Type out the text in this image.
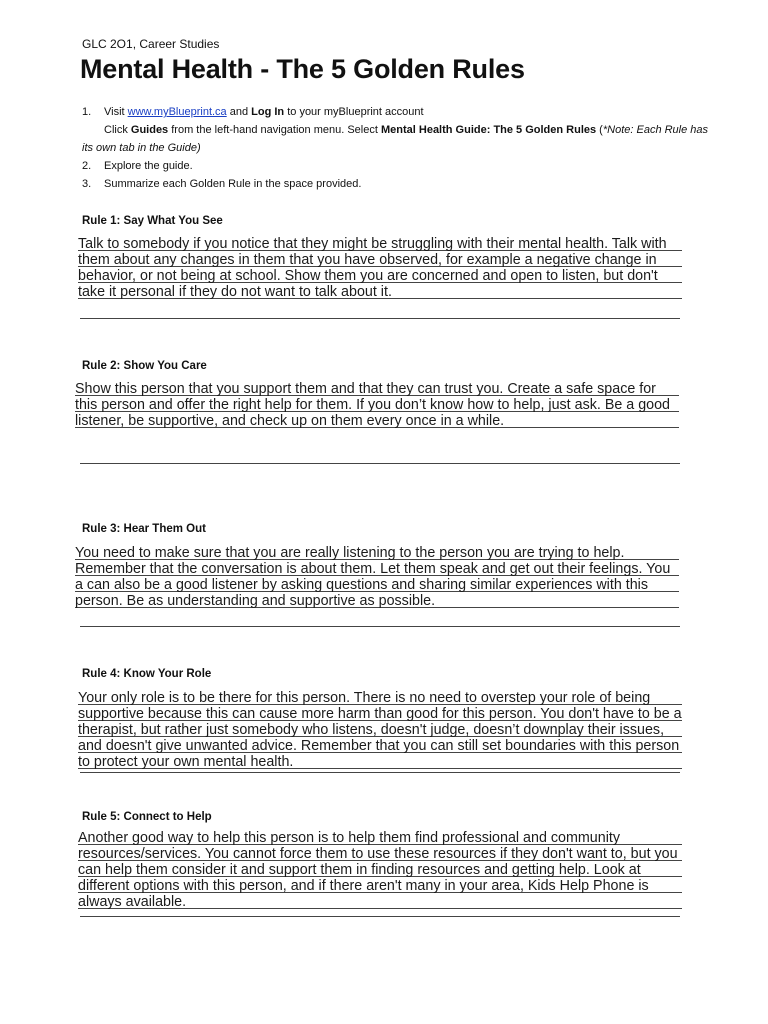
GLC 2O1, Career Studies
Mental Health - The 5 Golden Rules
1. Visit www.myBlueprint.ca and Log In to your myBlueprint account
Click Guides from the left-hand navigation menu. Select Mental Health Guide: The 5 Golden Rules (*Note: Each Rule has
its own tab in the Guide)
2. Explore the guide.
3. Summarize each Golden Rule in the space provided.
Rule 1: Say What You See

Talk to somebody if you notice that they might be struggling with their mental health. Talk with them about any changes in them that you have observed, for example a negative change in behavior, or not being at school. Show them you are concerned and open to listen, but don't take it personal if they do not want to talk about it.

Rule 2: Show You Care

Show this person that you support them and that they can trust you. Create a safe space for this person and offer the right help for them. If you don’t know how to help, just ask. Be a good listener, be supportive, and check up on them every once in a while.

Rule 3: Hear Them Out

You need to make sure that you are really listening to the person you are trying to help. Remember that the conversation is about them. Let them speak and get out their feelings. You a can also be a good listener by asking questions and sharing similar experiences with this person. Be as understanding and supportive as possible.

Rule 4: Know Your Role

Your only role is to be there for this person. There is no need to overstep your role of being supportive because this can cause more harm than good for this person. You don't have to be a therapist, but rather just somebody who listens, doesn't judge, doesn’t downplay their issues, and doesn't give unwanted advice. Remember that you can still set boundaries with this person to protect your own mental health.

Rule 5: Connect to Help

Another good way to help this person is to help them find professional and community resources/services. You cannot force them to use these resources if they don't want to, but you can help them consider it and support them in finding resources and getting help. Look at different options with this person, and if there aren't many in your area, Kids Help Phone is always available.
